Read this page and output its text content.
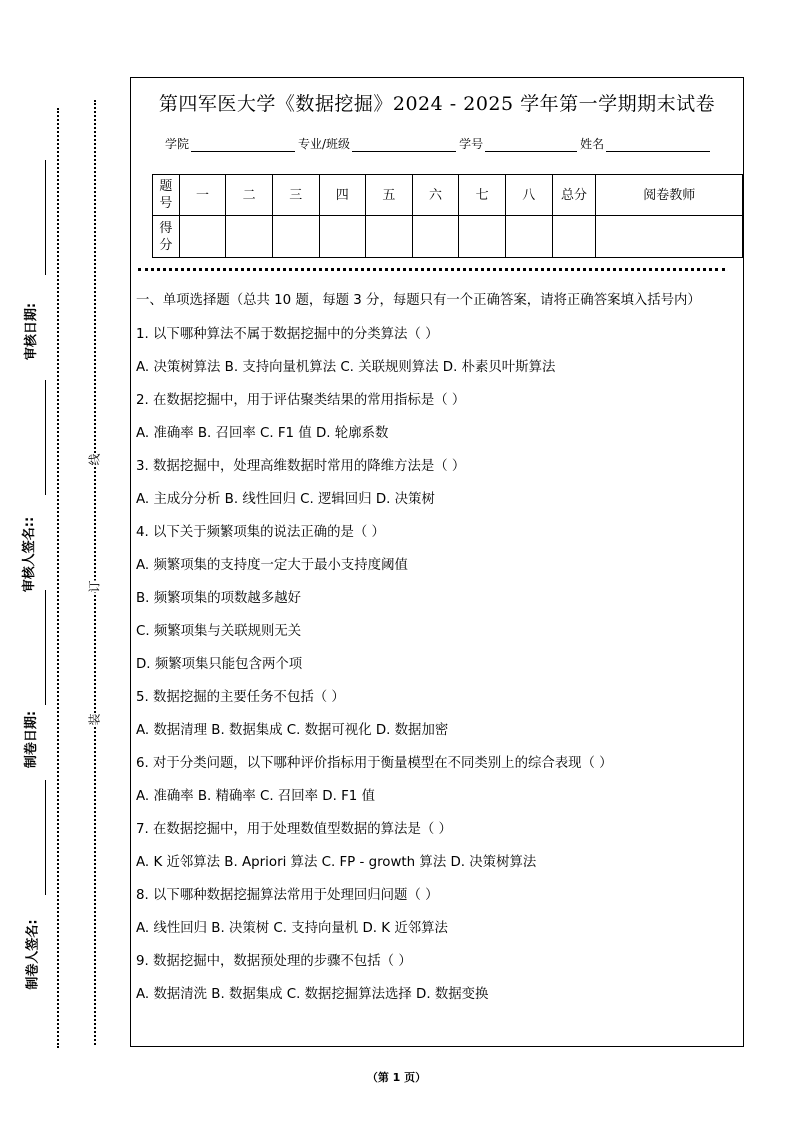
审核日期:
审核人签名::
制卷日期:
制卷人签名:
线
订
装
第四军医大学《数据挖掘》2024 - 2025 学年第一学期期末试卷
学院	专业/班级	学号	姓名
题号	一	二	三	四	五	六	七	八	总分	阅卷教师
得分										

一、单项选择题（总共 10 题，每题 3 分，每题只有一个正确答案，请将正确答案填入括号内）

1. 以下哪种算法不属于数据挖掘中的分类算法（ ）

A. 决策树算法 B. 支持向量机算法 C. 关联规则算法 D. 朴素贝叶斯算法

2. 在数据挖掘中，用于评估聚类结果的常用指标是（ ）

A. 准确率 B. 召回率 C. F1 值 D. 轮廓系数

3. 数据挖掘中，处理高维数据时常用的降维方法是（ ）

A. 主成分分析 B. 线性回归 C. 逻辑回归 D. 决策树

4. 以下关于频繁项集的说法正确的是（ ）

A. 频繁项集的支持度一定大于最小支持度阈值

B. 频繁项集的项数越多越好

C. 频繁项集与关联规则无关

D. 频繁项集只能包含两个项

5. 数据挖掘的主要任务不包括（ ）

A. 数据清理 B. 数据集成 C. 数据可视化 D. 数据加密

6. 对于分类问题，以下哪种评价指标用于衡量模型在不同类别上的综合表现（ ）

A. 准确率 B. 精确率 C. 召回率 D. F1 值

7. 在数据挖掘中，用于处理数值型数据的算法是（ ）

A. K 近邻算法 B. Apriori 算法 C. FP - growth 算法 D. 决策树算法

8. 以下哪种数据挖掘算法常用于处理回归问题（ ）

A. 线性回归 B. 决策树 C. 支持向量机 D. K 近邻算法

9. 数据挖掘中，数据预处理的步骤不包括（ ）

A. 数据清洗 B. 数据集成 C. 数据挖掘算法选择 D. 数据变换

（第 1 页）
